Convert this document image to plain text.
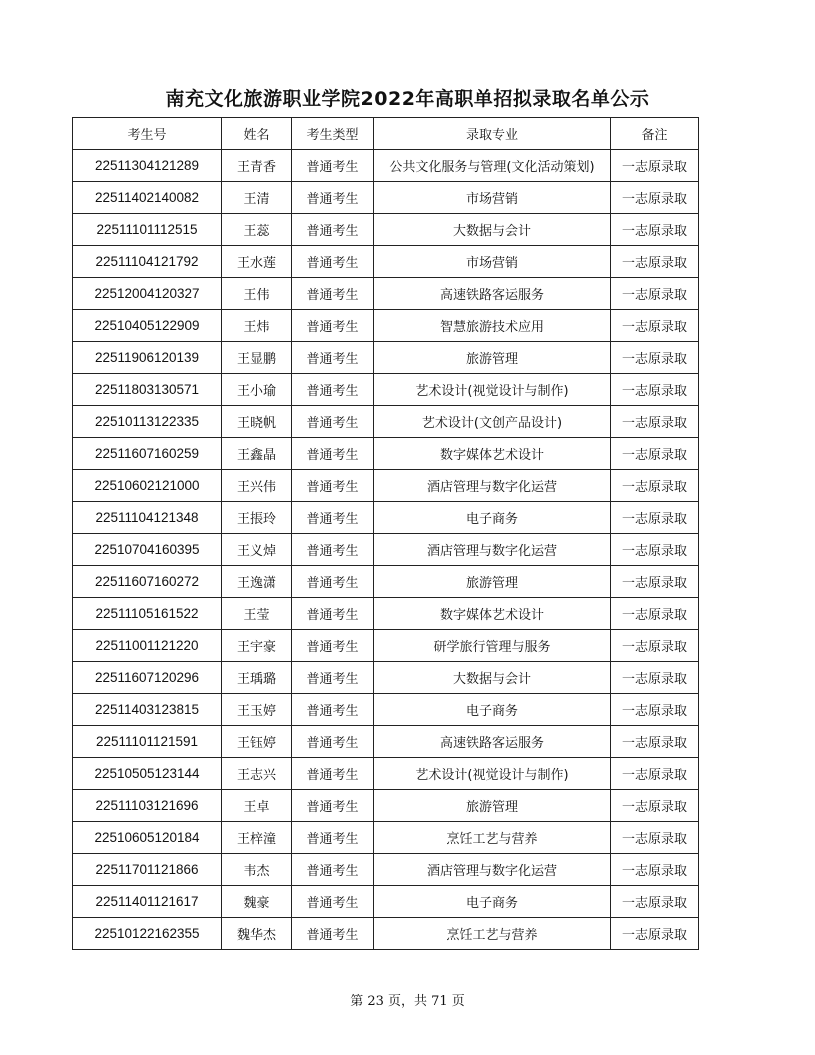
南充文化旅游职业学院2022年高职单招拟录取名单公示
考生号	姓名	考生类型	录取专业	备注
22511304121289	王青香	普通考生	公共文化服务与管理(文化活动策划)	一志原录取
22511402140082	王清	普通考生	市场营销	一志原录取
22511101112515	王蕊	普通考生	大数据与会计	一志原录取
22511104121792	王水莲	普通考生	市场营销	一志原录取
22512004120327	王伟	普通考生	高速铁路客运服务	一志原录取
22510405122909	王炜	普通考生	智慧旅游技术应用	一志原录取
22511906120139	王显鹏	普通考生	旅游管理	一志原录取
22511803130571	王小瑜	普通考生	艺术设计(视觉设计与制作)	一志原录取
22510113122335	王晓帆	普通考生	艺术设计(文创产品设计)	一志原录取
22511607160259	王鑫晶	普通考生	数字媒体艺术设计	一志原录取
22510602121000	王兴伟	普通考生	酒店管理与数字化运营	一志原录取
22511104121348	王掁玲	普通考生	电子商务	一志原录取
22510704160395	王义焯	普通考生	酒店管理与数字化运营	一志原录取
22511607160272	王逸潇	普通考生	旅游管理	一志原录取
22511105161522	王莹	普通考生	数字媒体艺术设计	一志原录取
22511001121220	王宇豪	普通考生	研学旅行管理与服务	一志原录取
22511607120296	王瑀璐	普通考生	大数据与会计	一志原录取
22511403123815	王玉婷	普通考生	电子商务	一志原录取
22511101121591	王钰婷	普通考生	高速铁路客运服务	一志原录取
22510505123144	王志兴	普通考生	艺术设计(视觉设计与制作)	一志原录取
22511103121696	王卓	普通考生	旅游管理	一志原录取
22510605120184	王梓潼	普通考生	烹饪工艺与营养	一志原录取
22511701121866	韦杰	普通考生	酒店管理与数字化运营	一志原录取
22511401121617	魏豪	普通考生	电子商务	一志原录取
22510122162355	魏华杰	普通考生	烹饪工艺与营养	一志原录取
第 23 页，共 71 页
